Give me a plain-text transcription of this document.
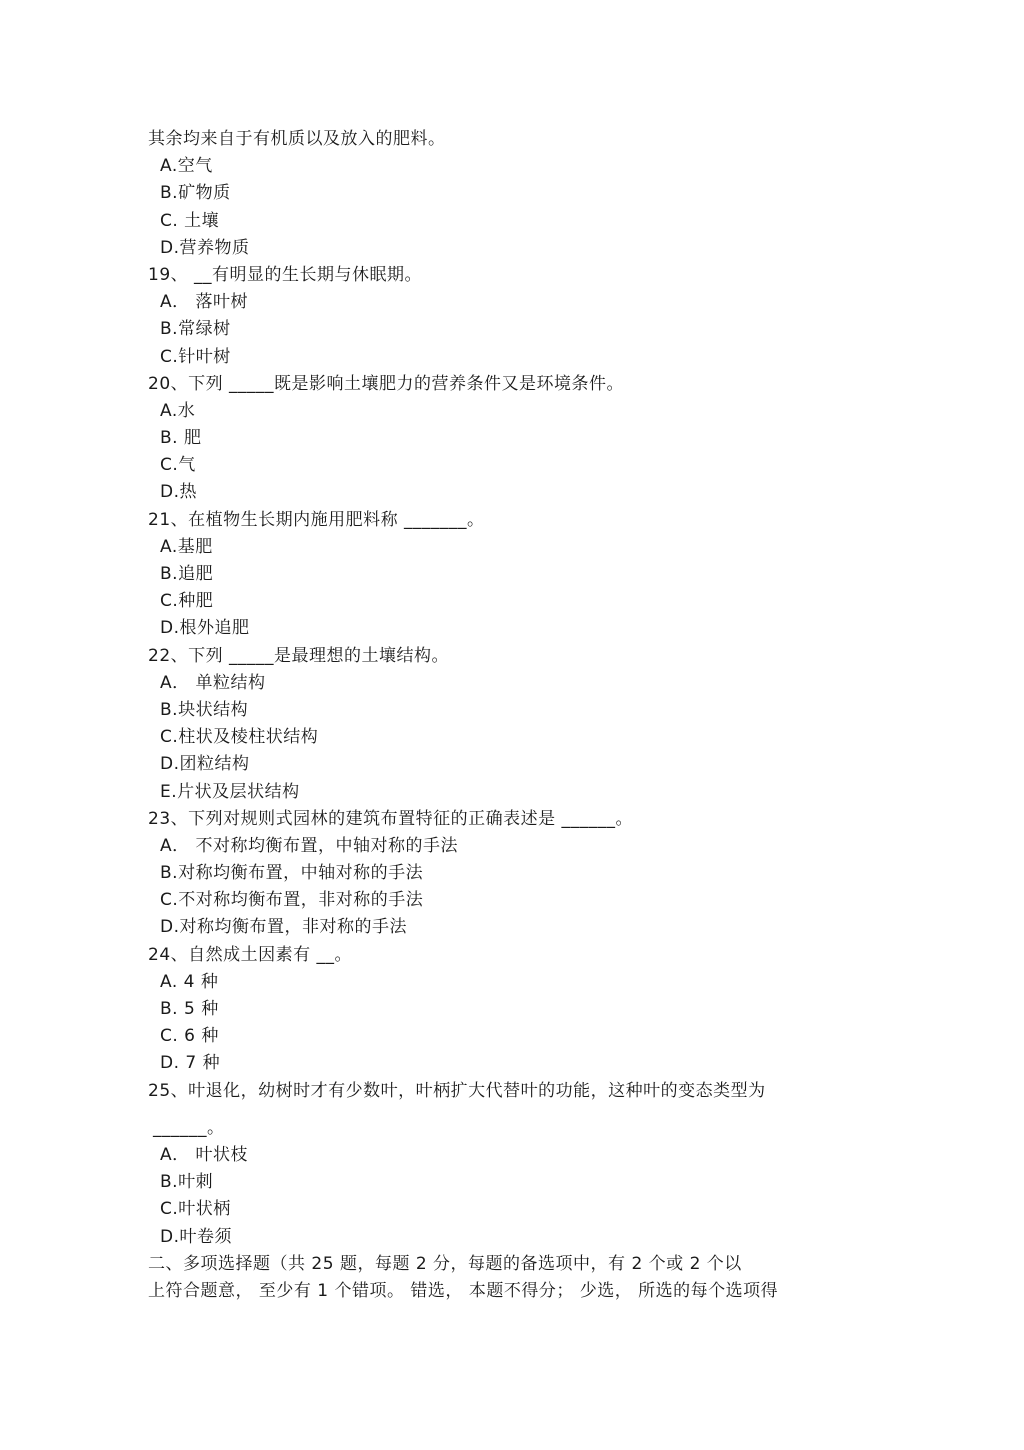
其余均来自于有机质以及放入的肥料。
A.空气
B.矿物质
C. 土壤
D.营养物质
19、 __有明显的生长期与休眠期。
A． 落叶树
B.常绿树
C.针叶树
20、下列 _____既是影响土壤肥力的营养条件又是环境条件。
A.水
B. 肥
C.气
D.热
21、在植物生长期内施用肥料称 _______。
A.基肥
B.追肥
C.种肥
D.根外追肥
22、下列 _____是最理想的土壤结构。
A． 单粒结构
B.块状结构
C.柱状及棱柱状结构
D.团粒结构
E.片状及层状结构
23、下列对规则式园林的建筑布置特征的正确表述是 ______。
A． 不对称均衡布置，中轴对称的手法
B.对称均衡布置，中轴对称的手法
C.不对称均衡布置，非对称的手法
D.对称均衡布置，非对称的手法
24、自然成土因素有 __。
A. 4 种
B. 5 种
C. 6 种
D. 7 种
25、叶退化，幼树时才有少数叶，叶柄扩大代替叶的功能，这种叶的变态类型为
______。
A． 叶状枝
B.叶刺
C.叶状柄
D.叶卷须
二、多项选择题（共 25 题，每题 2 分，每题的备选项中，有 2 个或 2 个以
上符合题意， 至少有 1 个错项。 错选， 本题不得分； 少选， 所选的每个选项得
